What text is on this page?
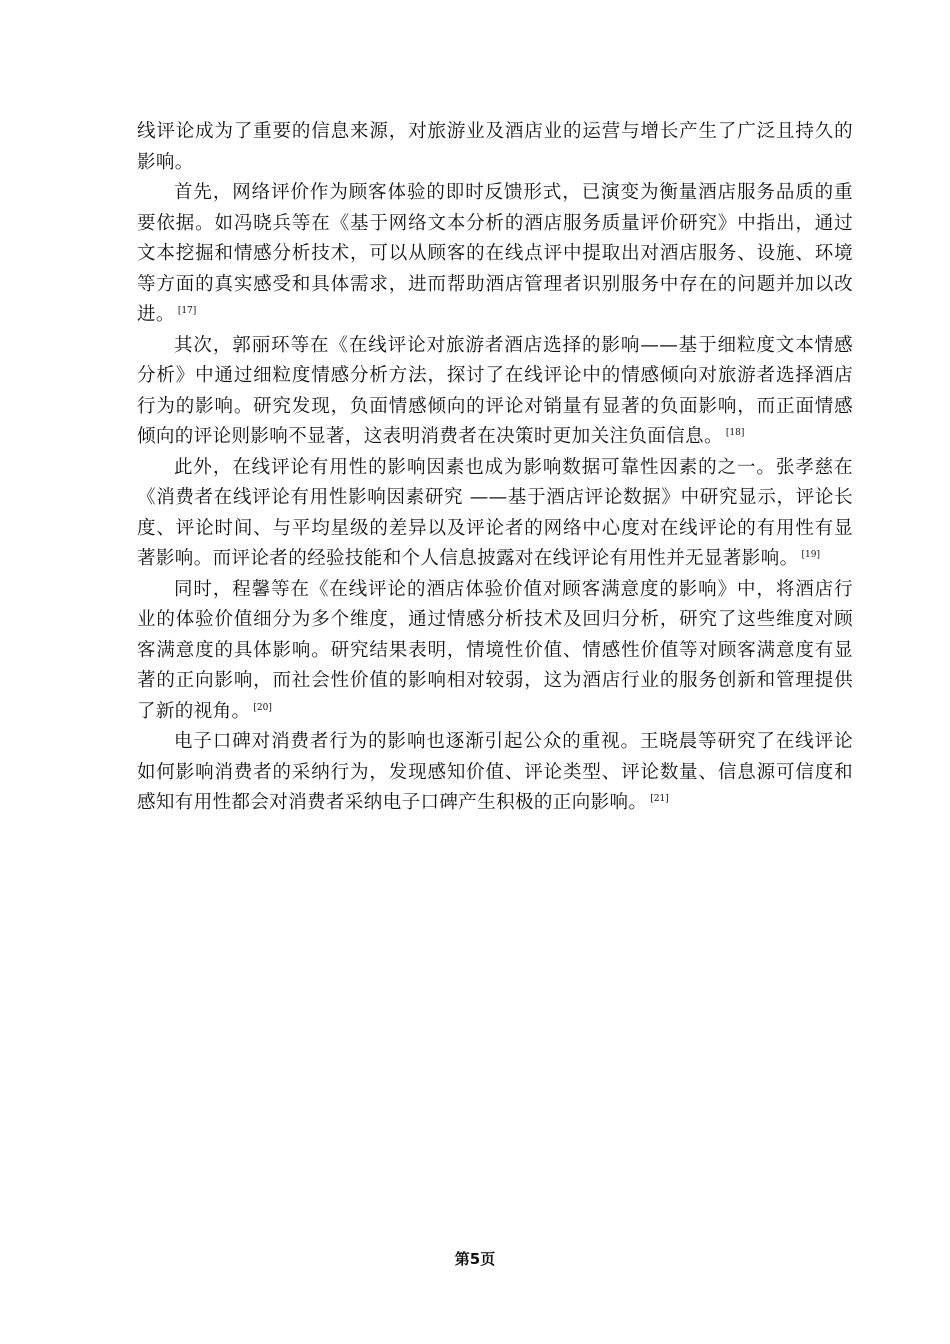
线评论成为了重要的信息来源，对旅游业及酒店业的运营与增长产生了广泛且持久的影响。

首先，网络评价作为顾客体验的即时反馈形式，已演变为衡量酒店服务品质的重要依据。如冯晓兵等在《基于网络文本分析的酒店服务质量评价研究》中指出，通过文本挖掘和情感分析技术，可以从顾客的在线点评中提取出对酒店服务、设施、环境等方面的真实感受和具体需求，进而帮助酒店管理者识别服务中存在的问题并加以改进。 [17]

其次，郭丽环等在《在线评论对旅游者酒店选择的影响——基于细粒度文本情感分析》中通过细粒度情感分析方法，探讨了在线评论中的情感倾向对旅游者选择酒店行为的影响。研究发现，负面情感倾向的评论对销量有显著的负面影响，而正面情感倾向的评论则影响不显著，这表明消费者在决策时更加关注负面信息。 [18]

此外，在线评论有用性的影响因素也成为影响数据可靠性因素的之一。张孝慈在《消费者在线评论有用性影响因素研究 ——基于酒店评论数据》中研究显示，评论长度、评论时间、与平均星级的差异以及评论者的网络中心度对在线评论的有用性有显著影响。而评论者的经验技能和个人信息披露对在线评论有用性并无显著影响。 [19]

同时，程馨等在《在线评论的酒店体验价值对顾客满意度的影响》中，将酒店行业的体验价值细分为多个维度，通过情感分析技术及回归分析，研究了这些维度对顾客满意度的具体影响。研究结果表明，情境性价值、情感性价值等对顾客满意度有显著的正向影响，而社会性价值的影响相对较弱，这为酒店行业的服务创新和管理提供了新的视角。 [20]

电子口碑对消费者行为的影响也逐渐引起公众的重视。王晓晨等研究了在线评论如何影响消费者的采纳行为，发现感知价值、评论类型、评论数量、信息源可信度和感知有用性都会对消费者采纳电子口碑产生积极的正向影响。 [21]

第5页
